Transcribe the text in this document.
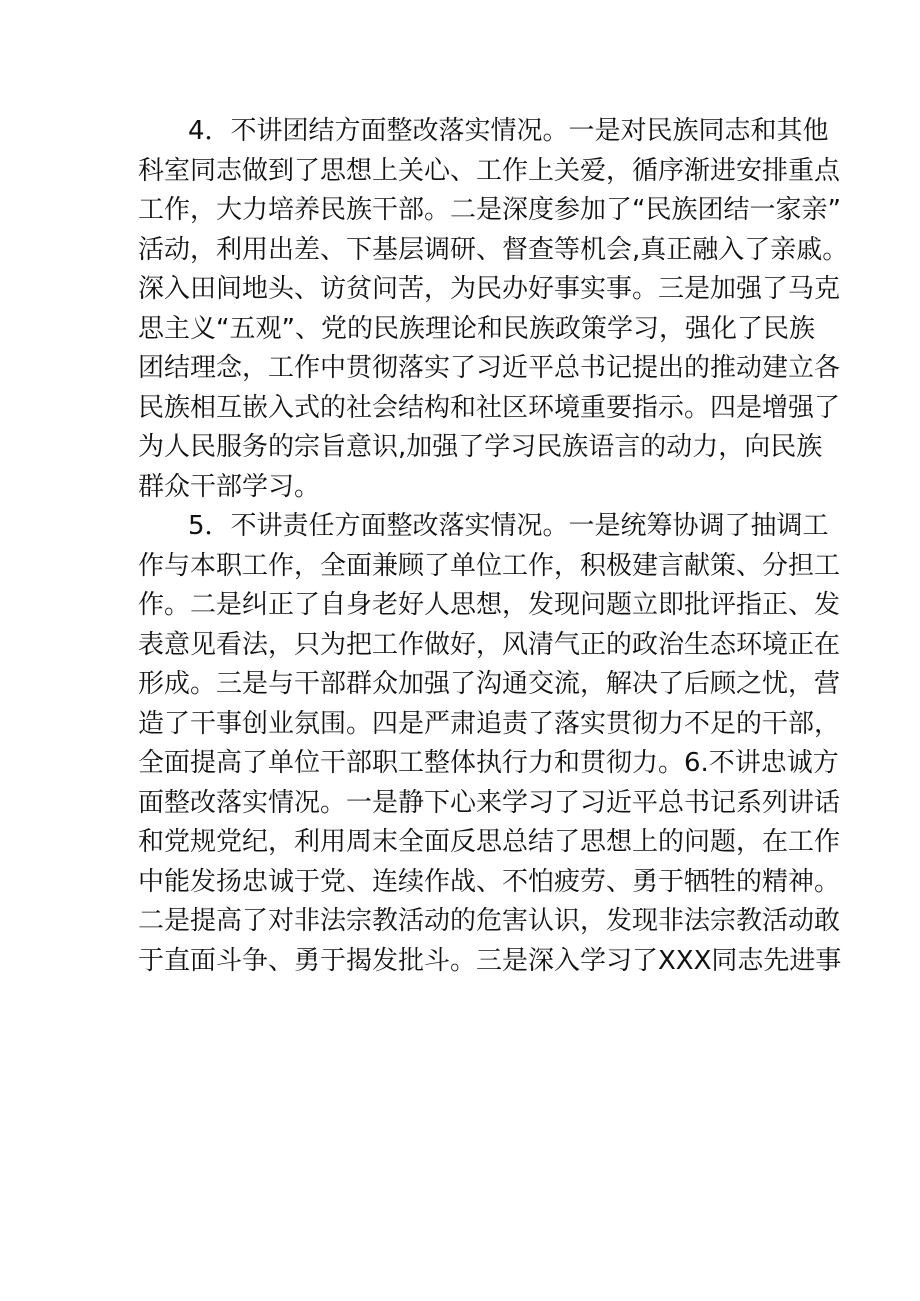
4．不讲团结方面整改落实情况。一是对民族同志和其他
科室同志做到了思想上关心、工作上关爱，循序渐进安排重点
工作，大力培养民族干部。二是深度参加了“民族团结一家亲”
活动，利用出差、下基层调研、督查等机会,真正融入了亲戚。
深入田间地头、访贫问苦，为民办好事实事。三是加强了马克
思主义“五观”、党的民族理论和民族政策学习，强化了民族
团结理念，工作中贯彻落实了习近平总书记提出的推动建立各
民族相互嵌入式的社会结构和社区环境重要指示。四是增强了
为人民服务的宗旨意识,加强了学习民族语言的动力，向民族
群众干部学习。
5．不讲责任方面整改落实情况。一是统筹协调了抽调工
作与本职工作，全面兼顾了单位工作，积极建言献策、分担工
作。二是纠正了自身老好人思想，发现问题立即批评指正、发
表意见看法，只为把工作做好，风清气正的政治生态环境正在
形成。三是与干部群众加强了沟通交流，解决了后顾之忧，营
造了干事创业氛围。四是严肃追责了落实贯彻力不足的干部，
全面提高了单位干部职工整体执行力和贯彻力。6.不讲忠诚方
面整改落实情况。一是静下心来学习了习近平总书记系列讲话
和党规党纪，利用周末全面反思总结了思想上的问题，在工作
中能发扬忠诚于党、连续作战、不怕疲劳、勇于牺牲的精神。
二是提高了对非法宗教活动的危害认识，发现非法宗教活动敢
于直面斗争、勇于揭发批斗。三是深入学习了XXX同志先进事
